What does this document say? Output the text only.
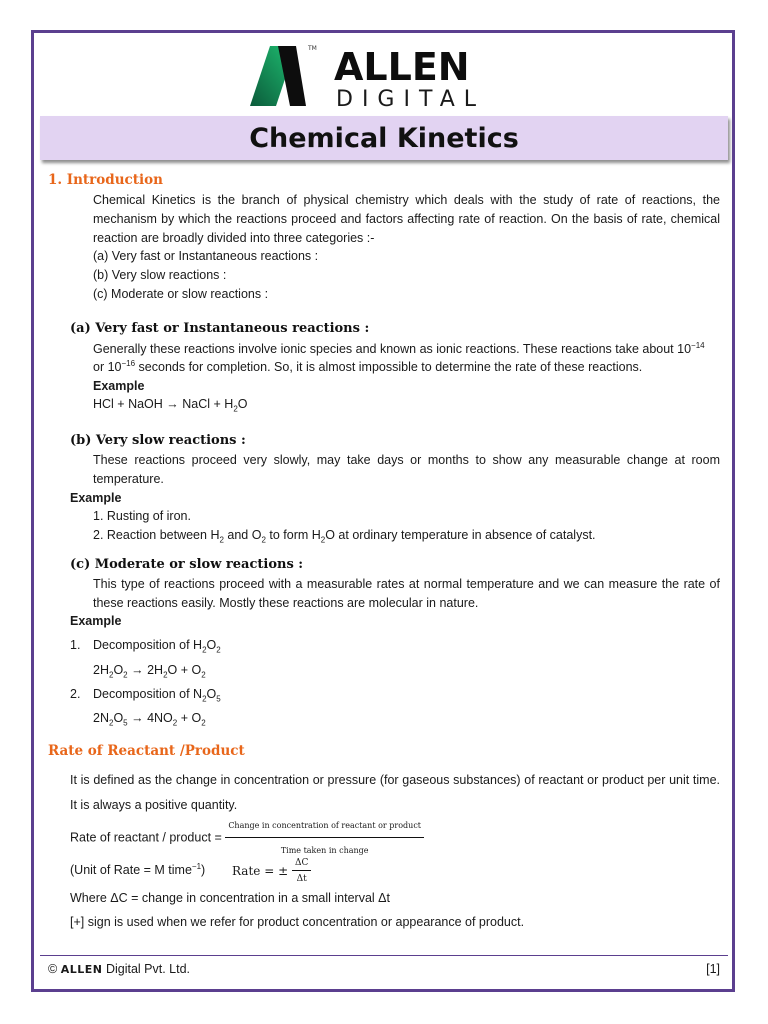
ALLEN
TM
DIGITAL
Chemical Kinetics
1. Introduction
Chemical Kinetics is the branch of physical chemistry which deals with the study of rate of reactions, the mechanism by which the reactions proceed and factors affecting rate of reaction. On the basis of rate, chemical reaction are broadly divided into three categories :-
(a) Very fast or Instantaneous reactions :
(b) Very slow reactions :
(c) Moderate or slow reactions :
(a) Very fast or Instantaneous reactions :
Generally these reactions involve ionic species and known as ionic reactions. These reactions take about $10^{-14}$
or $10^{-16}$ seconds for completion. So, it is almost impossible to determine the rate of these reactions.
Example
HCl + NaOH → NaCl + $H_2O$
(b) Very slow reactions :
These reactions proceed very slowly, may take days or months to show any measurable change at room temperature.
Example
1. Rusting of iron.
2. Reaction between $H_2$ and $O_2$ to form $H_2O$ at ordinary temperature in absence of catalyst.
(c) Moderate or slow reactions :
This type of reactions proceed with a measurable rates at normal temperature and we can measure the rate of these reactions easily. Mostly these reactions are molecular in nature.
Example
1. Decomposition of $H_2O_2$
$2H_2O_2 \to 2H_2O + O_2$
2. Decomposition of $N_2O_5$
$2N_2O_5 \to 4NO_2 + O_2$
Rate of Reactant /Product
It is defined as the change in concentration or pressure (for gaseous substances) of reactant or product per unit time. It is always a positive quantity.
Rate of reactant / product = $\frac{\text{Change in concentration of reactant or product}}{\text{Time taken in change}}$
(Unit of Rate = M time$^{-1}$) Rate = ± $\frac{\Delta C}{\Delta t}$
Where ΔC = change in concentration in a small interval Δt
[+] sign is used when we refer for product concentration or appearance of product.
© ALLEN Digital Pvt. Ltd.	[1]
